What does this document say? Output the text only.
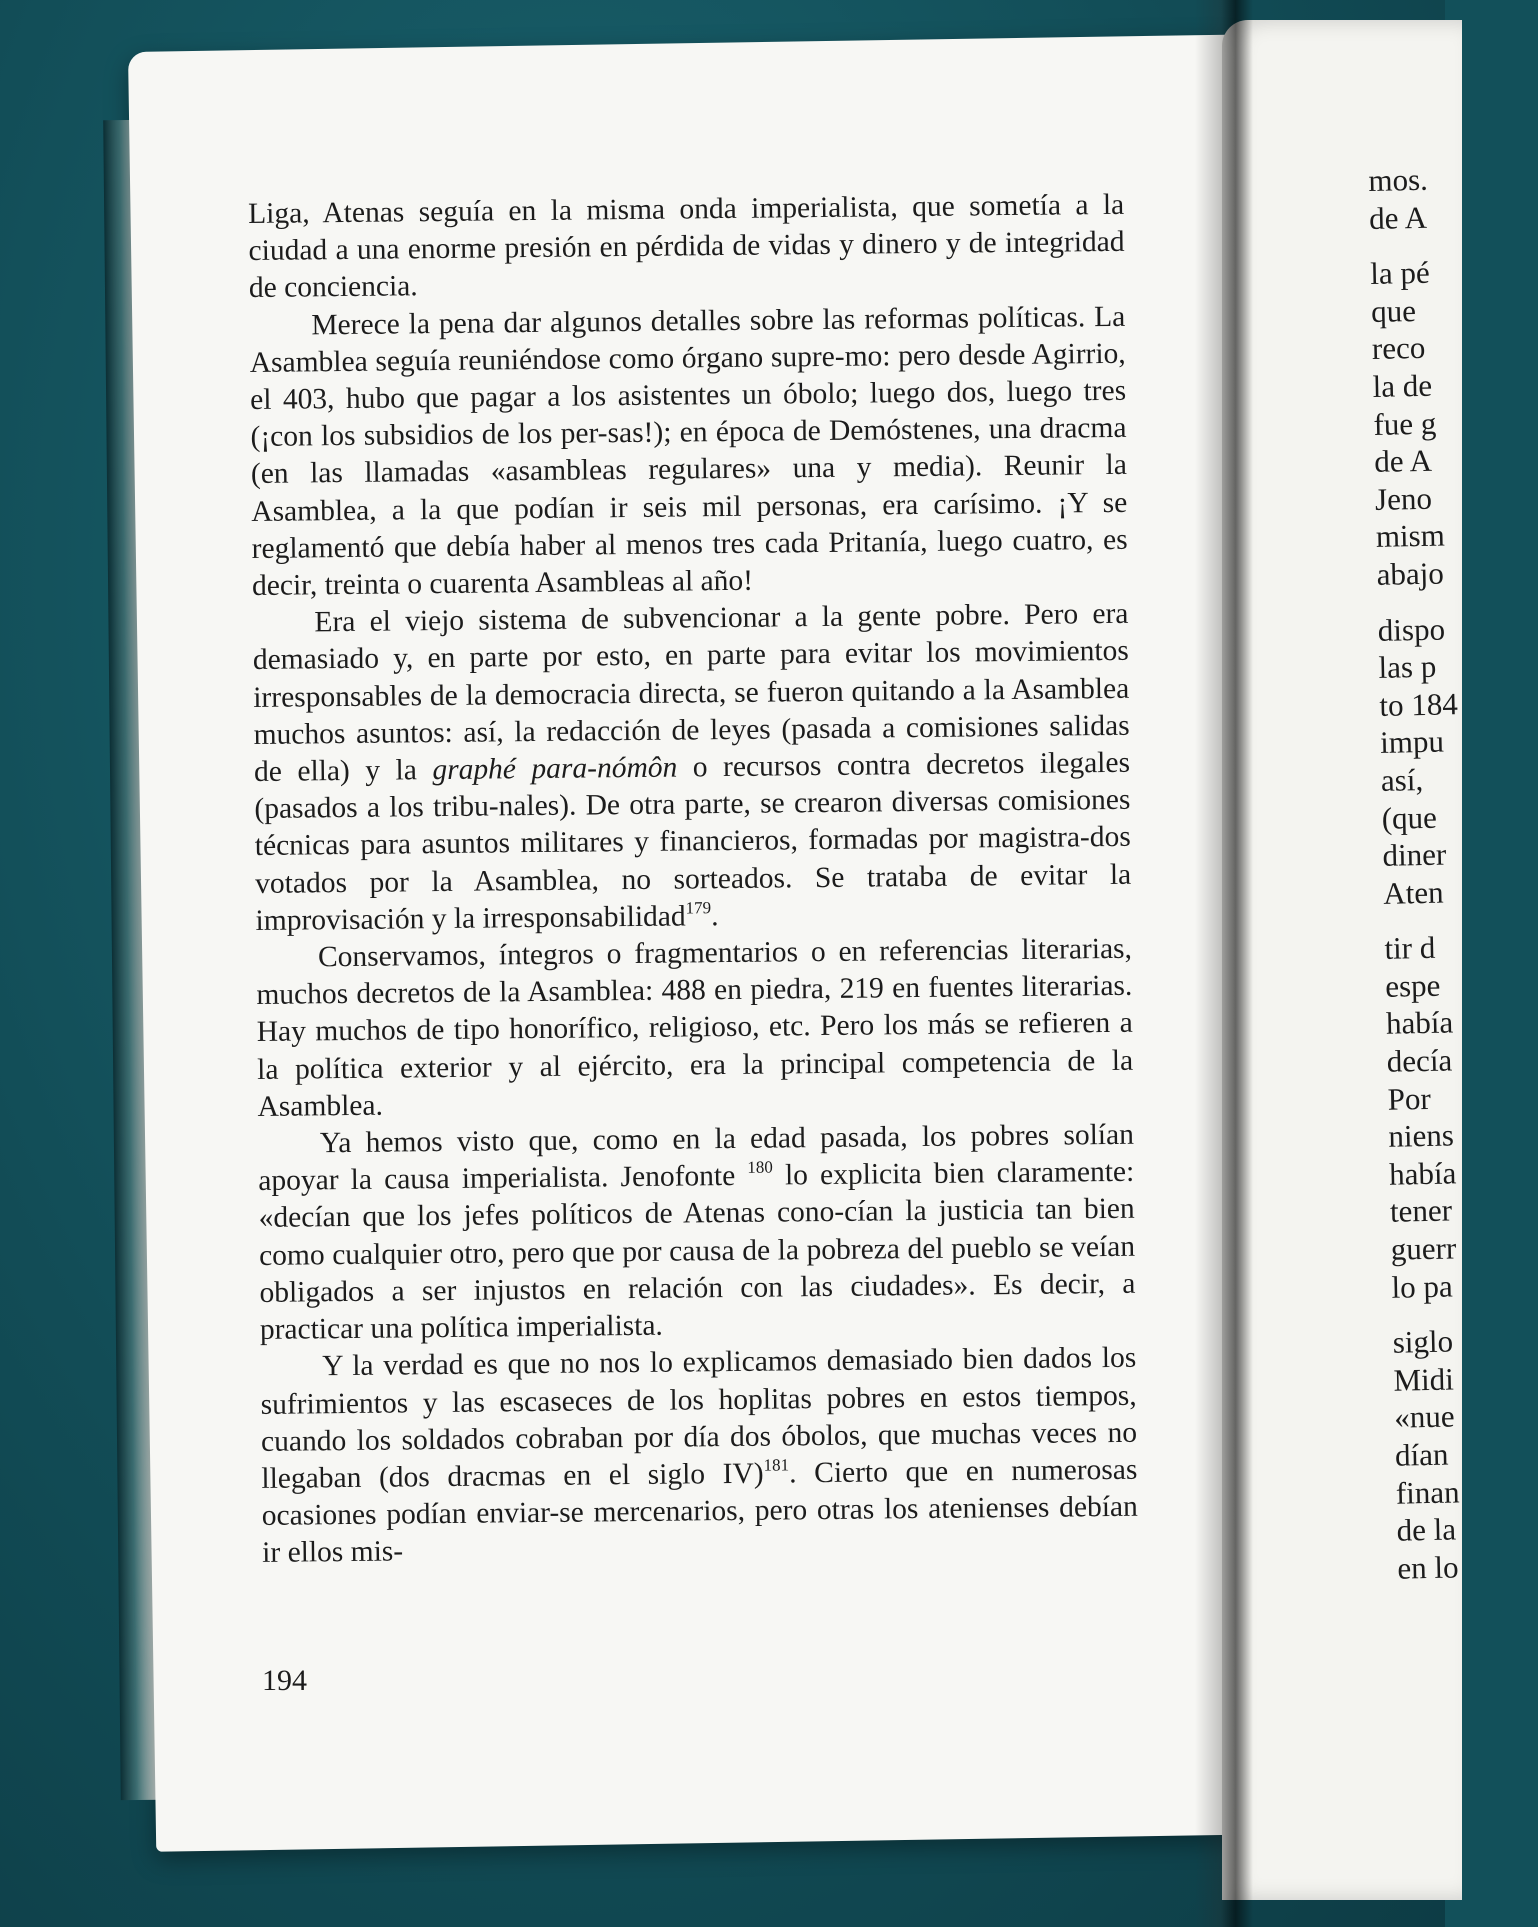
Liga, Atenas seguía en la misma onda imperialista, que sometía a la ciudad a una enorme presión en pérdida de vidas y dinero y de integridad de conciencia.

Merece la pena dar algunos detalles sobre las reformas políticas. La Asamblea seguía reuniéndose como órgano supre-mo: pero desde Agirrio, el 403, hubo que pagar a los asistentes un óbolo; luego dos, luego tres (¡con los subsidios de los per-sas!); en época de Demóstenes, una dracma (en las llamadas «asambleas regulares» una y media). Reunir la Asamblea, a la que podían ir seis mil personas, era carísimo. ¡Y se reglamentó que debía haber al menos tres cada Pritanía, luego cuatro, es decir, treinta o cuarenta Asambleas al año!

Era el viejo sistema de subvencionar a la gente pobre. Pero era demasiado y, en parte por esto, en parte para evitar los movimientos irresponsables de la democracia directa, se fueron quitando a la Asamblea muchos asuntos: así, la redacción de leyes (pasada a comisiones salidas de ella) y la graphé para-nómôn o recursos contra decretos ilegales (pasados a los tribu-nales). De otra parte, se crearon diversas comisiones técnicas para asuntos militares y financieros, formadas por magistra-dos votados por la Asamblea, no sorteados. Se trataba de evitar la improvisación y la irresponsabilidad$^{179}$.

Conservamos, íntegros o fragmentarios o en referencias literarias, muchos decretos de la Asamblea: 488 en piedra, 219 en fuentes literarias. Hay muchos de tipo honorífico, religioso, etc. Pero los más se refieren a la política exterior y al ejército, era la principal competencia de la Asamblea.

Ya hemos visto que, como en la edad pasada, los pobres solían apoyar la causa imperialista. Jenofonte $^{180}$ lo explicita bien claramente: «decían que los jefes políticos de Atenas cono-cían la justicia tan bien como cualquier otro, pero que por causa de la pobreza del pueblo se veían obligados a ser injustos en relación con las ciudades». Es decir, a practicar una política imperialista.

Y la verdad es que no nos lo explicamos demasiado bien dados los sufrimientos y las escaseces de los hoplitas pobres en estos tiempos, cuando los soldados cobraban por día dos óbolos, que muchas veces no llegaban (dos dracmas en el siglo IV)$^{181}$. Cierto que en numerosas ocasiones podían enviar-se mercenarios, pero otras los atenienses debían ir ellos mis-

194
mos.
de A
la pé
que
reco
la de
fue g
de A
Jeno
mism
abajo
dispo
las p
to 184
impu
así,
(que
diner
Aten
tir d
espe
había
decía
Por
niens
había
tener
guerr
lo pa
siglo
Midi
«nue
dían
finan
de la
en lo
